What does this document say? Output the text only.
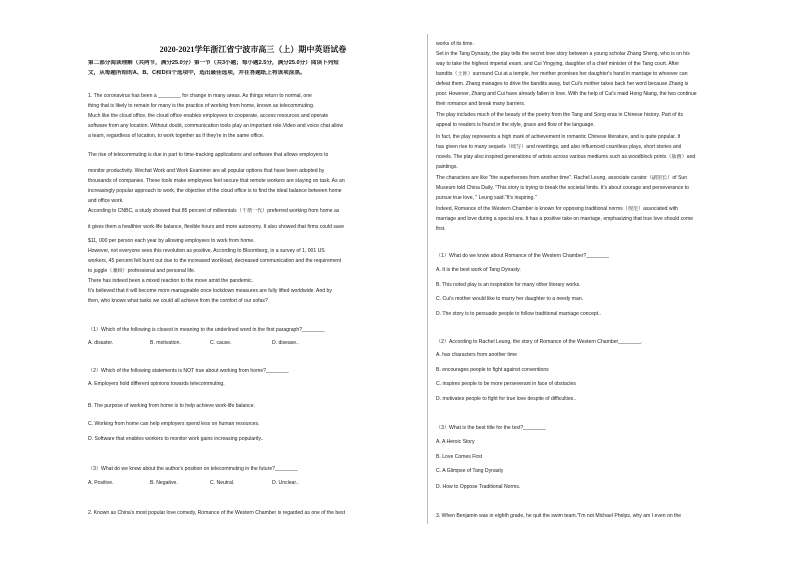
2020-2021学年浙江省宁波市高三（上）期中英语试卷
第二部分阅读理解（共两节，满分25.0分）第一节（共3小题；每小题2.5分，满分25.0分）阅读下列短
文，从每题所给的A、B、C和D四个选项中，选出最佳选项，并在答题纸上将该项涂黑。
1. The coronavirus has been a ________ for change in many areas. As things return to normal, one
thing that is likely to remain for many is the practice of working from home, known as telecommuting.
Much like the cloud office, the cloud office enables employees to cooperate, access resources and operate
software from any location. Without doubt, communication tools play an important role.Video and voice chat allow
a team, regardless of location, to work together as if they're in the same office.
The rise of telecommuting is due in part to time-tracking applications and software that allows employers to
monitor productivity. Wechat Work and Work Examiner are all popular options that have been adopted by
thousands of companies. These tools make employees feel secure that remote workers are staying on task. As an
increasingly popular approach to work, the objective of the cloud office is to find the ideal balance between home
and office work.
According to CNBC, a study showed that 85 percent of millennials（千禧一代）preferred working from home as
it gives them a healthier work-life balance, flexible hours and more autonomy. It also showed that firms could save
$11, 000 per person each year by allowing employees to work from home.
However, not everyone sees this revolution as positive. According to Bloomberg, in a survey of 1, 001 US
workers, 45 percent felt burnt out due to the increased workload, decreased communication and the requirement
to juggle（兼顾）professional and personal life.
There has indeed been a mixed reaction to the move amid the pandemic.
It's believed that it will become more manageable once lockdown measures are fully lifted worldwide. And by
then, who knows what tasks we could all achieve from the comfort of our sofas?
（1）Which of the following is closest in meaning to the underlined word in the first paragraph?________
（2）Which of the following statements is NOT true about working from home?________
A. Employers hold different opinions towards telecommuting.
B. The purpose of working from home is to help achieve work-life balance.
C. Working from home can help employers spend less on human resources.
D. Software that enables workers to monitor work gains increasing popularity..
（3）What do we know about the author's position on telecommuting in the future?________
2. Known as China's most popular love comedy, Romance of the Western Chamber is regarded as one of the best
A. disaster.	B. motivation.	C. cause.	D. disease..
A. Positive.	B. Negative.	C. Neutral.	D. Unclear..
works of its time.
Set in the Tang Dynasty, the play tells the secret love story between a young scholar Zhang Sheng, who is on his
way to take the highest imperial exam, and Cui Yingying, daughter of a chief minister of the Tang court. After
bandits（土匪）surround Cui at a temple, her mother promises her daughter's hand in marriage to whoever can
defeat them. Zhang manages to drive the bandits away, but Cui's mother takes back her word because Zhang is
poor. However, Zhang and Cui have already fallen in love. With the help of Cui's maid Hong Niang, the two continue
their romance and break many barriers.
The play includes much of the beauty of the poetry from the Tang and Song eras in Chinese history. Part of its
appeal to readers is found in the style, grace and flow of the language.
In fact, the play represents a high mark of achievement in romantic Chinese literature, and is quite popular. It
has given rise to many sequels（续写）and rewritings, and also influenced countless plays, short stories and
novels. The play also inspired generations of artists across various mediums such as woodblock prints（版画）and
paintings.
The characters are like "the superheroes from another time". Rachel Leung, associate curator（副馆长）of Sun
Museum told China Daily. "This story is trying to break the societal limits. It's about courage and perseverance to
pursue true love, " Leung said."It's inspiring."
Indeed, Romance of the Western Chamber is known for opposing traditional norms（规范）associated with
marriage and love during a special era. It has a positive take on marriage, emphasizing that true love should come
first.
（1）What do we know about Romance of the Western Chamber?________
A. It is the best work of Tang Dynasty.
B. This noted play is an inspiration for many other literary works.
C. Cui's mother would like to marry her daughter to a needy man.
D. The story is to persuade people to follow traditional marriage concept..
（2）According to Rachel Leung, the story of Romance of the Western Chamber________.
A. has characters from another time
B. encourages people to fight against conventions
C. inspires people to be more perseverant in face of obstacles
D. motivates people to fight for true love despite of difficulties..
（3）What is the best title for the text?________
A. A Heroic Story
B. Love Comes First
C. A Glimpse of Tang Dynasty
D. How to Oppose Traditional Norms.
3. When Benjamin was in eighth grade, he quit the swim team."I'm not Michael Phelps, why am I even on the
